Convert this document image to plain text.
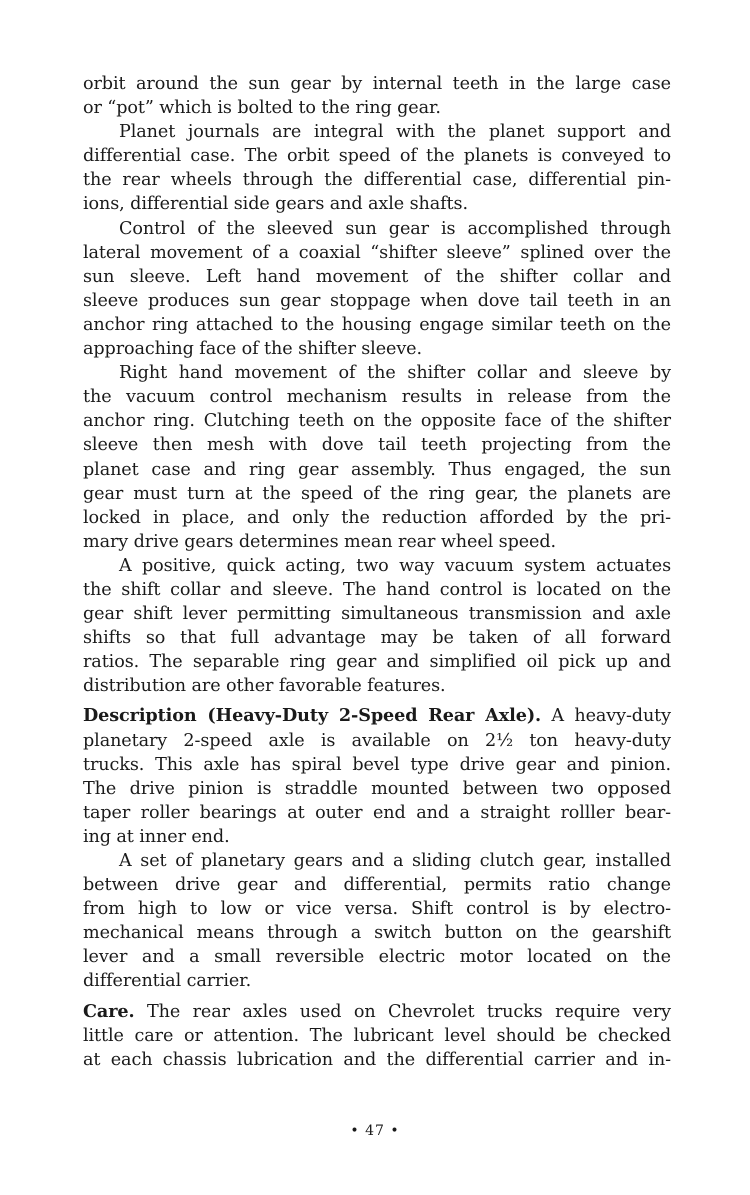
orbit around the sun gear by internal teeth in the large case
or “pot” which is bolted to the ring gear.
Planet journals are integral with the planet support and
differential case. The orbit speed of the planets is conveyed to
the rear wheels through the differential case, differential pin-
ions, differential side gears and axle shafts.
Control of the sleeved sun gear is accomplished through
lateral movement of a coaxial “shifter sleeve” splined over the
sun sleeve. Left hand movement of the shifter collar and
sleeve produces sun gear stoppage when dove tail teeth in an
anchor ring attached to the housing engage similar teeth on the
approaching face of the shifter sleeve.
Right hand movement of the shifter collar and sleeve by
the vacuum control mechanism results in release from the
anchor ring. Clutching teeth on the opposite face of the shifter
sleeve then mesh with dove tail teeth projecting from the
planet case and ring gear assembly. Thus engaged, the sun
gear must turn at the speed of the ring gear, the planets are
locked in place, and only the reduction afforded by the pri-
mary drive gears determines mean rear wheel speed.
A positive, quick acting, two way vacuum system actuates
the shift collar and sleeve. The hand control is located on the
gear shift lever permitting simultaneous transmission and axle
shifts so that full advantage may be taken of all forward
ratios. The separable ring gear and simplified oil pick up and
distribution are other favorable features.
Description (Heavy-Duty 2-Speed Rear Axle). A heavy-duty
planetary 2-speed axle is available on 2½ ton heavy-duty
trucks. This axle has spiral bevel type drive gear and pinion.
The drive pinion is straddle mounted between two opposed
taper roller bearings at outer end and a straight rolller bear-
ing at inner end.
A set of planetary gears and a sliding clutch gear, installed
between drive gear and differential, permits ratio change
from high to low or vice versa. Shift control is by electro-
mechanical means through a switch button on the gearshift
lever and a small reversible electric motor located on the
differential carrier.
Care. The rear axles used on Chevrolet trucks require very
little care or attention. The lubricant level should be checked
at each chassis lubrication and the differential carrier and in-
• 47 •
